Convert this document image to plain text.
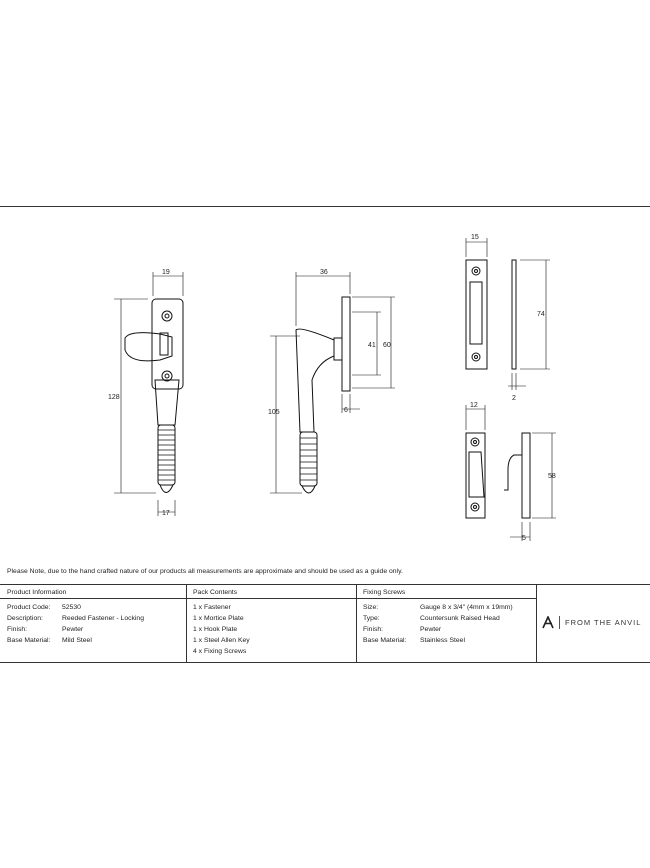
19
128
17
36
105
41 60
6
15
74
2
12
58
5
Please Note, due to the hand crafted nature of our products all measurements are approximate and should be used as a guide only.
Product Information
Product Code: 52530
Description:	Reeded Fastener - Locking
Finish:	Pewter
Base Material: Mild Steel
Pack Contents
1 x Fastener
1 x Mortice Plate
1 x Hook Plate
1 x Steel Allen Key
4 x Fixing Screws
Fixing Screws
Size:	Gauge 8 x 3/4" (4mm x 19mm)
Type:	Countersunk Raised Head
Finish:	Pewter
Base Material: Stainless Steel
FROM THE ANVIL
